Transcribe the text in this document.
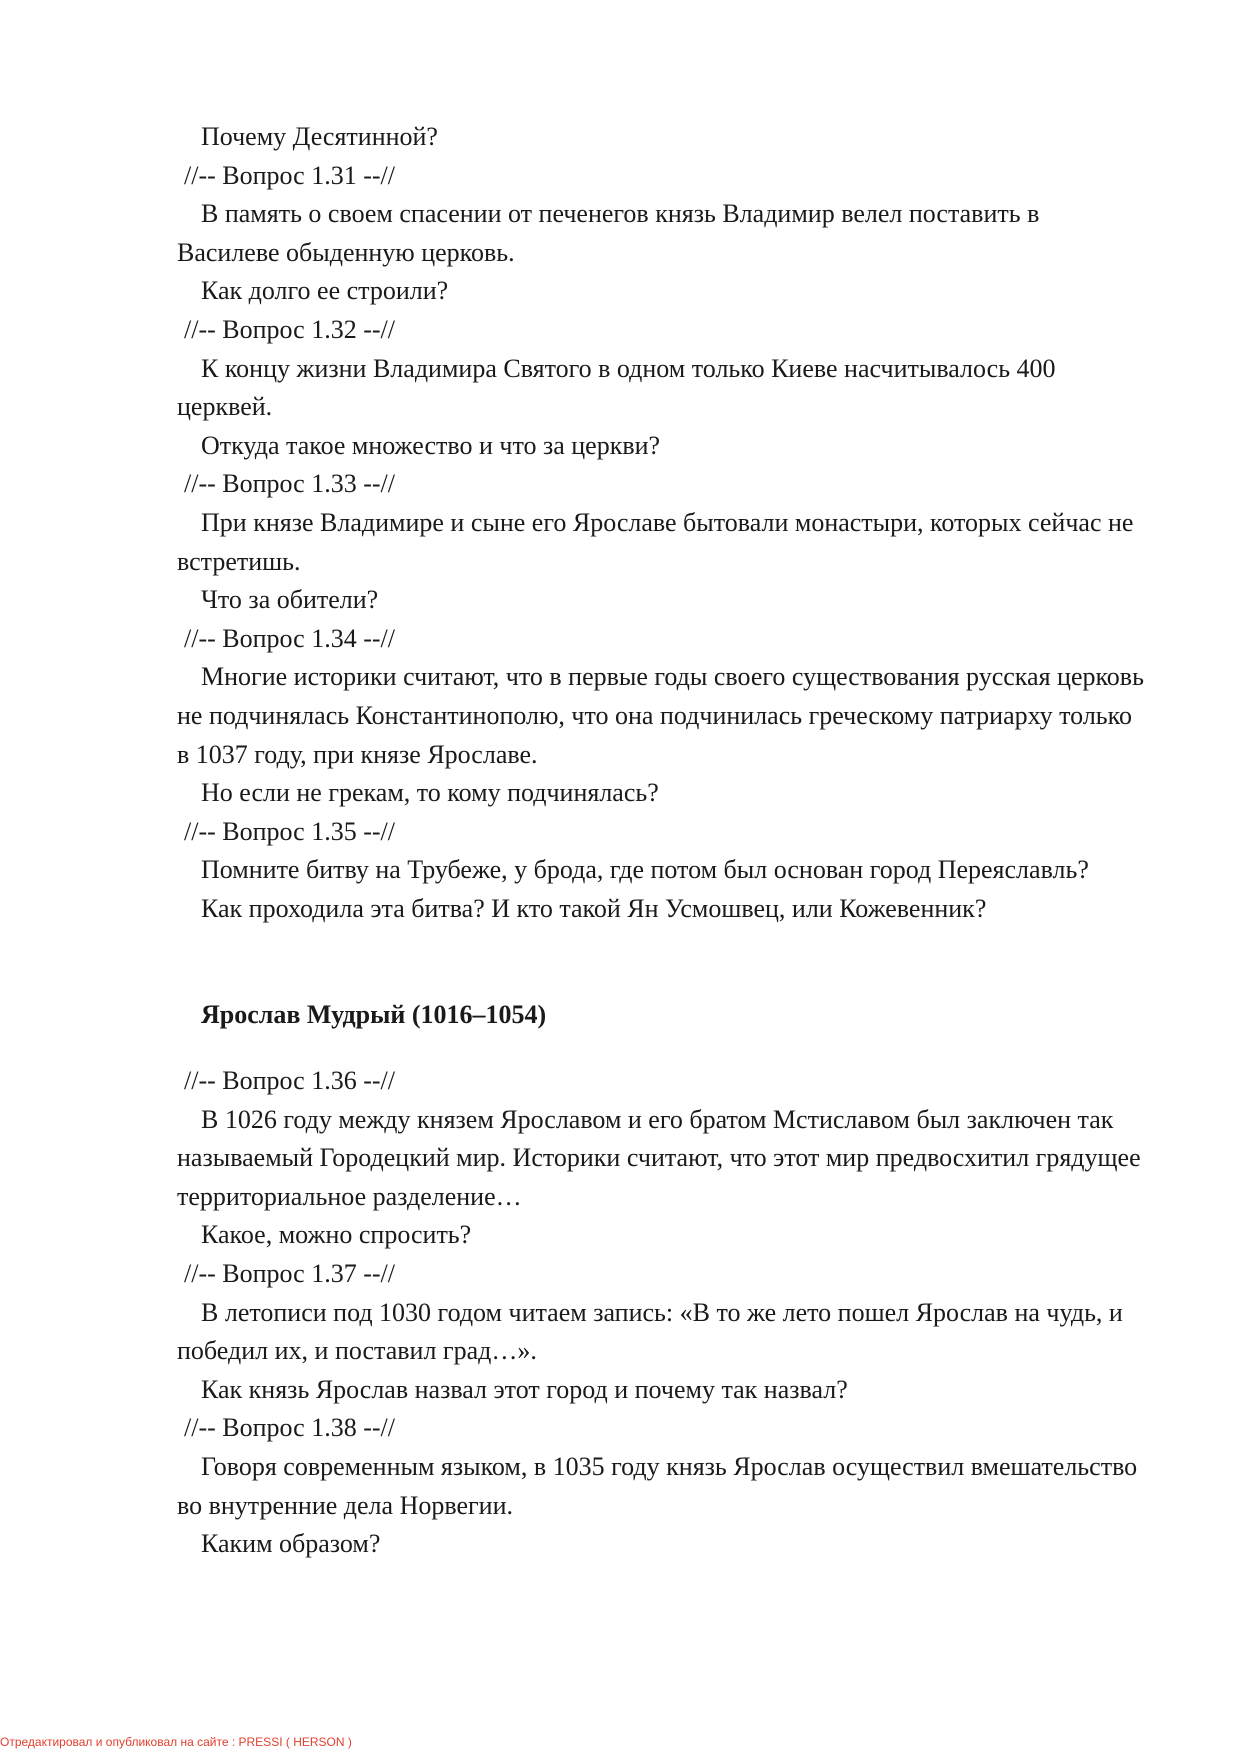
Почему Десятинной?
//-- Вопрос 1.31 --//
В память о своем спасении от печенегов князь Владимир велел поставить в Василеве обыденную церковь.
Как долго ее строили?
//-- Вопрос 1.32 --//
К концу жизни Владимира Святого в одном только Киеве насчитывалось 400 церквей.
Откуда такое множество и что за церкви?
//-- Вопрос 1.33 --//
При князе Владимире и сыне его Ярославе бытовали монастыри, которых сейчас не встретишь.
Что за обители?
//-- Вопрос 1.34 --//
Многие историки считают, что в первые годы своего существования русская церковь не подчинялась Константинополю, что она подчинилась греческому патриарху только в 1037 году, при князе Ярославе.
Но если не грекам, то кому подчинялась?
//-- Вопрос 1.35 --//
Помните битву на Трубеже, у брода, где потом был основан город Переяславль?
Как проходила эта битва? И кто такой Ян Усмошвец, или Кожевенник?
Ярослав Мудрый (1016–1054)
//-- Вопрос 1.36 --//
В 1026 году между князем Ярославом и его братом Мстиславом был заключен так называемый Городецкий мир. Историки считают, что этот мир предвосхитил грядущее территориальное разделение…
Какое, можно спросить?
//-- Вопрос 1.37 --//
В летописи под 1030 годом читаем запись: «В то же лето пошел Ярослав на чудь, и победил их, и поставил град…».
Как князь Ярослав назвал этот город и почему так назвал?
//-- Вопрос 1.38 --//
Говоря современным языком, в 1035 году князь Ярослав осуществил вмешательство во внутренние дела Норвегии.
Каким образом?
Отредактировал и опубликовал на сайте : PRESSI ( HERSON )
